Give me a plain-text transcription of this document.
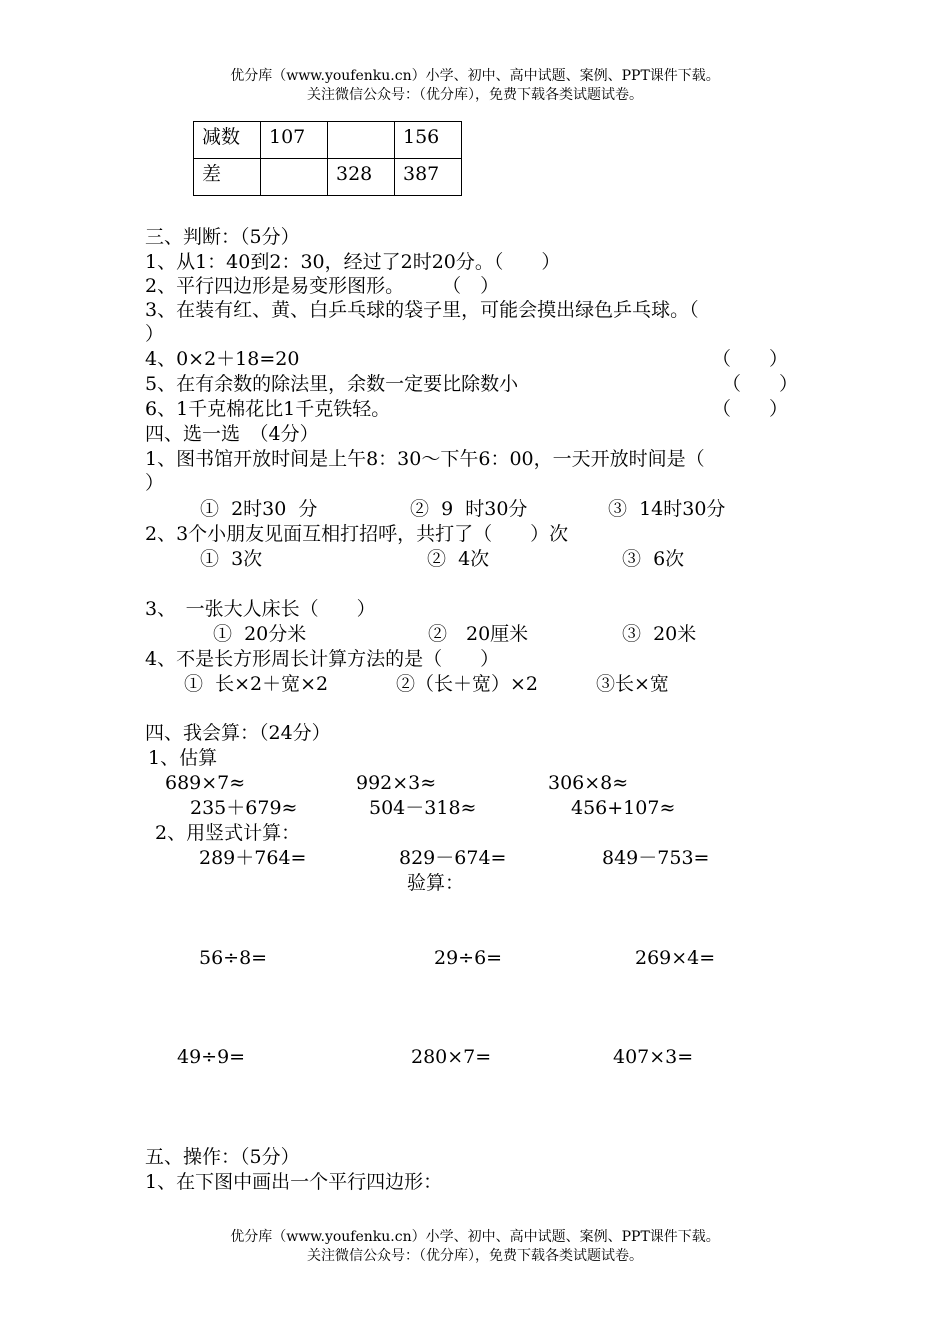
优分库（www.youfenku.cn）小学、初中、高中试题、案例、PPT课件下载。
关注微信公众号：（优分库），免费下载各类试题试卷。
减数	107		156
差		328	387
三、判断：（5分）
1、从1：40到2：30，经过了2时20分。（　　）
2、平行四边形是易变形图形。　　　（　）
3、在装有红、黄、白乒乓球的袋子里，可能会摸出绿色乒乓球。（
）
4、0×2＋18=20	（　　）
5、在有余数的除法里，余数一定要比除数小	（　　）
6、1千克棉花比1千克铁轻。	（　　）
四、选一选　（4分）
1、图书馆开放时间是上午8：30～下午6：00，一天开放时间是（
）
①  2时30  分	②  9  时30分	③  14时30分
2、3个小朋友见面互相打招呼，共打了（　　）次
①  3次	②  4次	③  6次
3、　一张大人床长（　　）
①  20分米	②　20厘米	③  20米
4、不是长方形周长计算方法的是（　　）
①  长×2＋宽×2	②（长＋宽）×2	③长×宽
四、我会算：（24分）
1、估算
689×7≈	992×3≈	306×8≈
235＋679≈	504－318≈	456+107≈
2、用竖式计算：
289＋764=	829－674=	849－753=
验算：
56÷8=	29÷6=	269×4=
49÷9=	280×7=	407×3=
五、操作：（5分）
1、在下图中画出一个平行四边形：
优分库（www.youfenku.cn）小学、初中、高中试题、案例、PPT课件下载。
关注微信公众号：（优分库），免费下载各类试题试卷。
